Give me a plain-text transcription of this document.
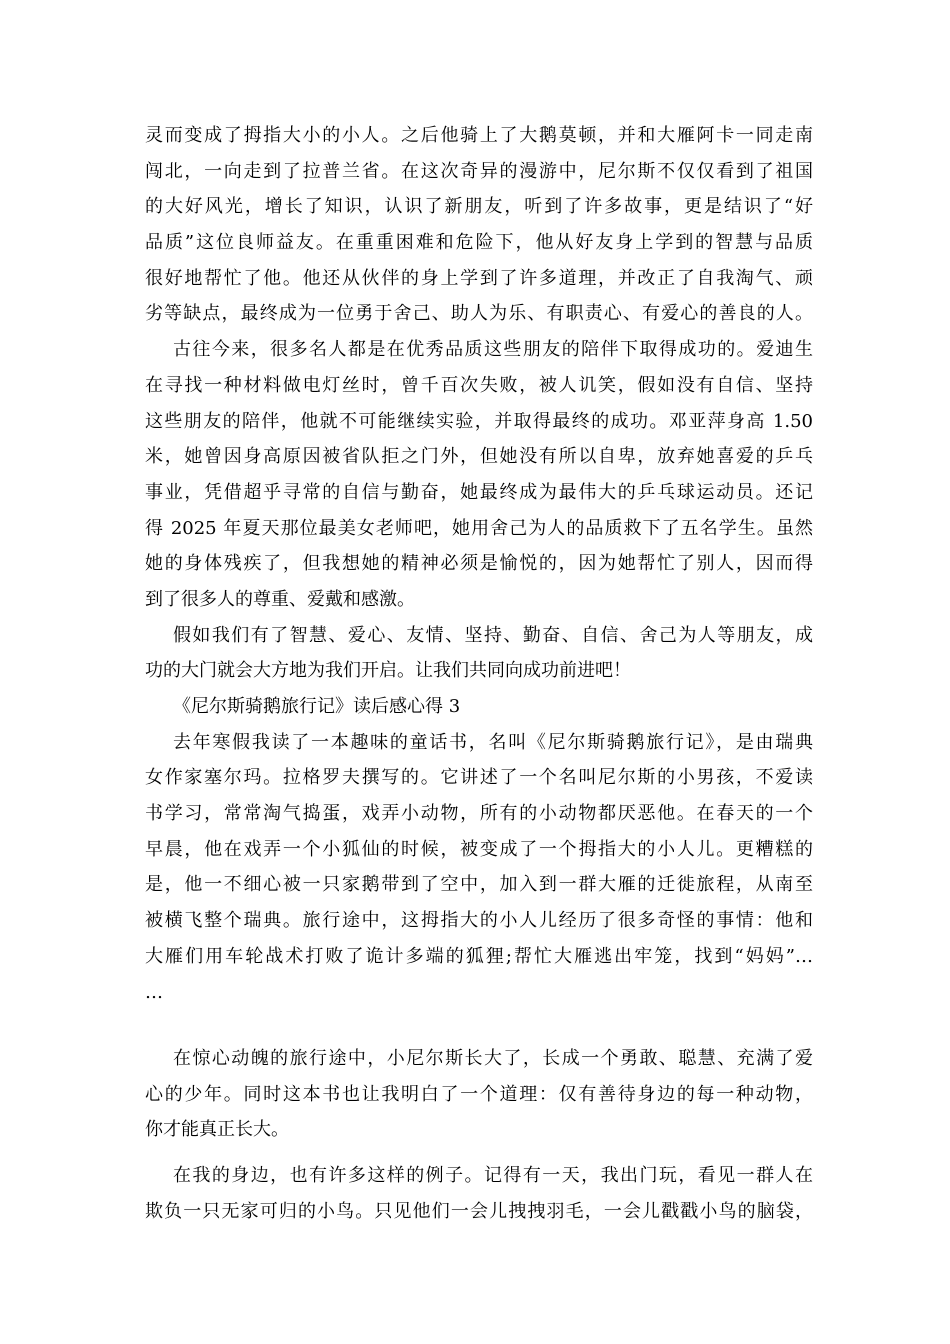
灵而变成了拇指大小的小人。之后他骑上了大鹅莫顿，并和大雁阿卡一同走南
闯北，一向走到了拉普兰省。在这次奇异的漫游中，尼尔斯不仅仅看到了祖国
的大好风光，增长了知识，认识了新朋友，听到了许多故事，更是结识了“好
品质”这位良师益友。在重重困难和危险下，他从好友身上学到的智慧与品质
很好地帮忙了他。他还从伙伴的身上学到了许多道理，并改正了自我淘气、顽
劣等缺点，最终成为一位勇于舍己、助人为乐、有职责心、有爱心的善良的人。
古往今来，很多名人都是在优秀品质这些朋友的陪伴下取得成功的。爱迪生
在寻找一种材料做电灯丝时，曾千百次失败，被人讥笑，假如没有自信、坚持
这些朋友的陪伴，他就不可能继续实验，并取得最终的成功。邓亚萍身高 1.50
米，她曾因身高原因被省队拒之门外，但她没有所以自卑，放弃她喜爱的乒乓
事业，凭借超乎寻常的自信与勤奋，她最终成为最伟大的乒乓球运动员。还记
得 2025 年夏天那位最美女老师吧，她用舍己为人的品质救下了五名学生。虽然
她的身体残疾了，但我想她的精神必须是愉悦的，因为她帮忙了别人，因而得
到了很多人的尊重、爱戴和感激。
假如我们有了智慧、爱心、友情、坚持、勤奋、自信、舍己为人等朋友，成
功的大门就会大方地为我们开启。让我们共同向成功前进吧！
《尼尔斯骑鹅旅行记》读后感心得 3
去年寒假我读了一本趣味的童话书，名叫《尼尔斯骑鹅旅行记》，是由瑞典
女作家塞尔玛。拉格罗夫撰写的。它讲述了一个名叫尼尔斯的小男孩，不爱读
书学习，常常淘气捣蛋，戏弄小动物，所有的小动物都厌恶他。在春天的一个
早晨，他在戏弄一个小狐仙的时候，被变成了一个拇指大的小人儿。更糟糕的
是，他一不细心被一只家鹅带到了空中，加入到一群大雁的迁徙旅程，从南至
被横飞整个瑞典。旅行途中，这拇指大的小人儿经历了很多奇怪的事情：他和
大雁们用车轮战术打败了诡计多端的狐狸;帮忙大雁逃出牢笼，找到“妈妈”…
…
在惊心动魄的旅行途中，小尼尔斯长大了，长成一个勇敢、聪慧、充满了爱
心的少年。同时这本书也让我明白了一个道理：仅有善待身边的每一种动物，
你才能真正长大。
在我的身边，也有许多这样的例子。记得有一天，我出门玩，看见一群人在
欺负一只无家可归的小鸟。只见他们一会儿拽拽羽毛，一会儿戳戳小鸟的脑袋，
